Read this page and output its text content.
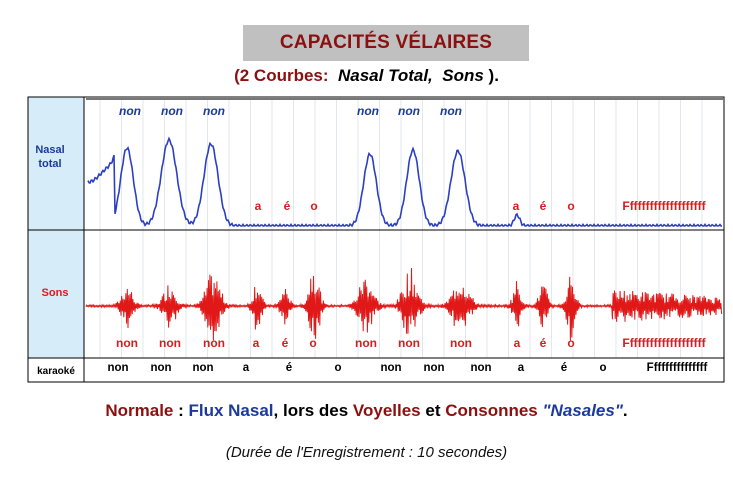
CAPACITÉS VÉLAIRES
(2 Courbes: Nasal Total, Sons ).
Nasal
total
Sons
karaoké
non non non
a é o
non non non
a é o	Ffffffffffffffffffff
non non non a é o	non non	non	a é o	Ffffffffffffffffffff
non non non	a	é	o	non non non a	é	o	Fffffffffffffff
Normale : Flux Nasal, lors des Voyelles et Consonnes "Nasales".
(Durée de l'Enregistrement : 10 secondes)
